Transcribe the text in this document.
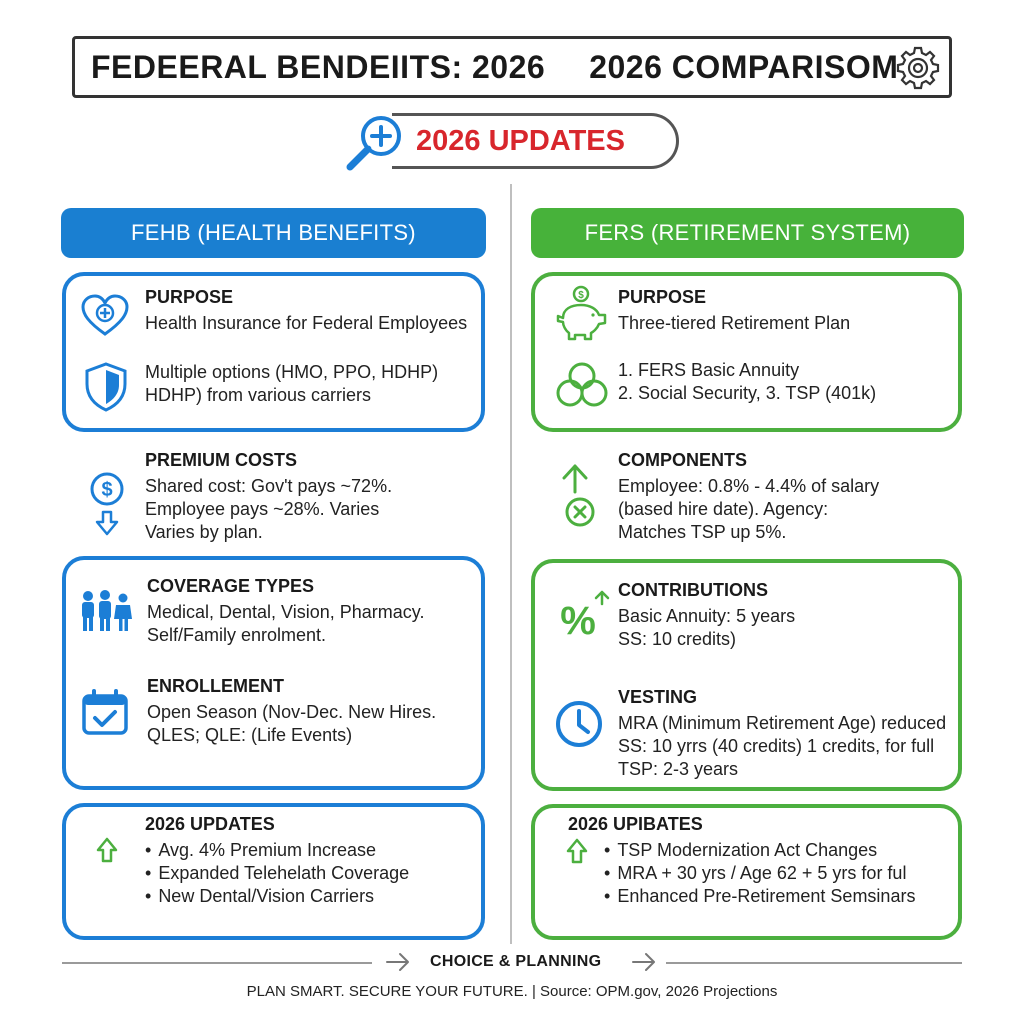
FEDEERAL BENDEIITS: 2026 2026 COMPARISOM
2026 UPDATES
FEHB (HEALTH BENEFITS)	FERS (RETIREMENT SYSTEM)
PURPOSE
Health Insurance for Federal Employees
Multiple options (HMO, PPO, HDHP)
HDHP) from various carriers
$
PREMIUM COSTS
Shared cost: Gov't pays ~72%.
Employee pays ~28%. Varies
Varies by plan.
COVERAGE TYPES
Medical, Dental, Vision, Pharmacy.
Self/Family enrolment.
ENROLLEMENT
Open Season (Nov-Dec. New Hires.
QLES; QLE: (Life Events)
2026 UPDATES
• Avg. 4% Premium Increase
• Expanded Telehelath Coverage
• New Dental/Vision Carriers
$ PURPOSE
Three-tiered Retirement Plan
1. FERS Basic Annuity
2. Social Security, 3. TSP (401k)
COMPONENTS
Employee: 0.8% - 4.4% of salary
(based hire date). Agency:
Matches TSP up 5%.
%
CONTRIBUTIONS
Basic Annuity: 5 years
SS: 10 credits)
VESTING
MRA (Minimum Retirement Age) reduced
SS: 10 yrrs (40 credits) 1 credits, for full
TSP: 2-3 years
2026 UPIBATES
• TSP Modernization Act Changes
• MRA + 30 yrs / Age 62 + 5 yrs for ful
• Enhanced Pre-Retirement Semsinars
CHOICE & PLANNING
PLAN SMART. SECURE YOUR FUTURE. | Source: OPM.gov, 2026 Projections
